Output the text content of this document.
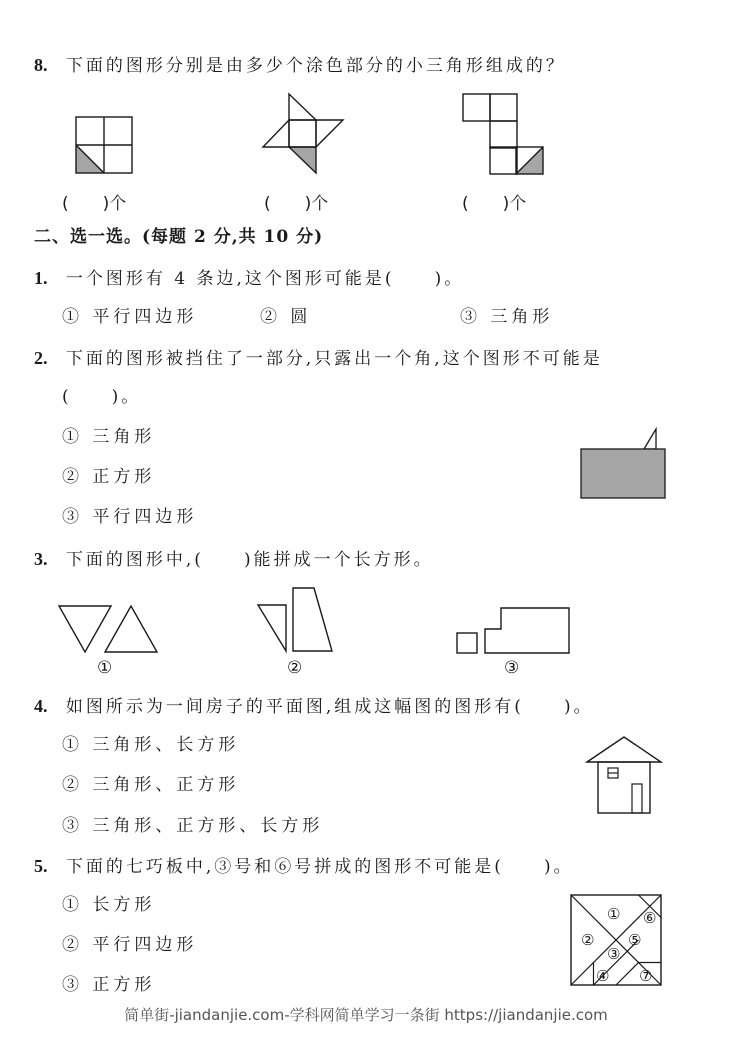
8. 下面的图形分别是由多少个涂色部分的小三角形组成的？
(　　)个	(　　)个	(　　)个
二、选一选。(每题 2 分,共 10 分)
1. 一个图形有 4 条边,这个图形可能是(　　)。
① 平行四边形	② 圆	③ 三角形
2. 下面的图形被挡住了一部分,只露出一个角,这个图形不可能是
(　　)。
① 三角形
② 正方形
③ 平行四边形
3. 下面的图形中,(　　)能拼成一个长方形。
①	②	③
4. 如图所示为一间房子的平面图,组成这幅图的图形有(　　)。
① 三角形、长方形
② 三角形、正方形
③ 三角形、正方形、长方形
5. 下面的七巧板中,③号和⑥号拼成的图形不可能是(　　)。
① 长方形
② 平行四边形
③ 正方形
①
②
③
④
⑤
⑥
⑦
简单街-jiandanjie.com-学科网简单学习一条街 https://jiandanjie.com
